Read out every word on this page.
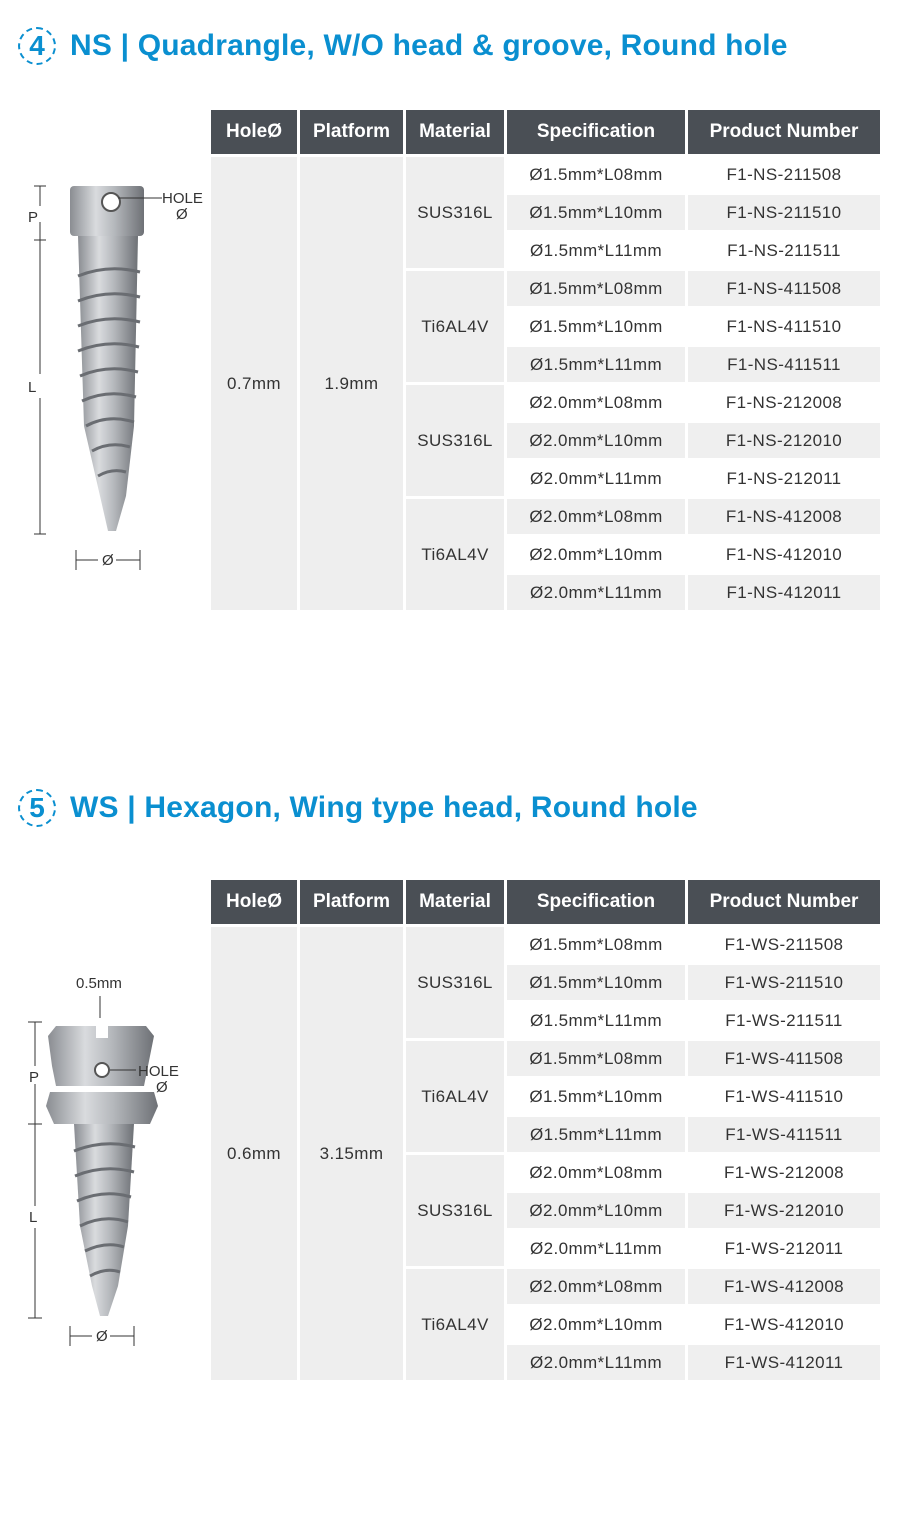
4 NS | Quadrangle, W/O head & groove, Round hole
P
L
Ø
HOLE
Ø
HoleØ	Platform	Material	Specification	Product Number
0.7mm	1.9mm	SUS316L	Ø1.5mm*L08mm	F1-NS-211508
			Ø1.5mm*L10mm	F1-NS-211510
			Ø1.5mm*L11mm	F1-NS-211511
		Ti6AL4V	Ø1.5mm*L08mm	F1-NS-411508
			Ø1.5mm*L10mm	F1-NS-411510
			Ø1.5mm*L11mm	F1-NS-411511
		SUS316L	Ø2.0mm*L08mm	F1-NS-212008
			Ø2.0mm*L10mm	F1-NS-212010
			Ø2.0mm*L11mm	F1-NS-212011
		Ti6AL4V	Ø2.0mm*L08mm	F1-NS-412008
			Ø2.0mm*L10mm	F1-NS-412010
			Ø2.0mm*L11mm	F1-NS-412011
5 WS | Hexagon, Wing type head, Round hole
0.5mm
P
L
Ø
HOLE
Ø
HoleØ	Platform	Material	Specification	Product Number
0.6mm	3.15mm	SUS316L	Ø1.5mm*L08mm	F1-WS-211508
			Ø1.5mm*L10mm	F1-WS-211510
			Ø1.5mm*L11mm	F1-WS-211511
		Ti6AL4V	Ø1.5mm*L08mm	F1-WS-411508
			Ø1.5mm*L10mm	F1-WS-411510
			Ø1.5mm*L11mm	F1-WS-411511
		SUS316L	Ø2.0mm*L08mm	F1-WS-212008
			Ø2.0mm*L10mm	F1-WS-212010
			Ø2.0mm*L11mm	F1-WS-212011
		Ti6AL4V	Ø2.0mm*L08mm	F1-WS-412008
			Ø2.0mm*L10mm	F1-WS-412010
			Ø2.0mm*L11mm	F1-WS-412011
